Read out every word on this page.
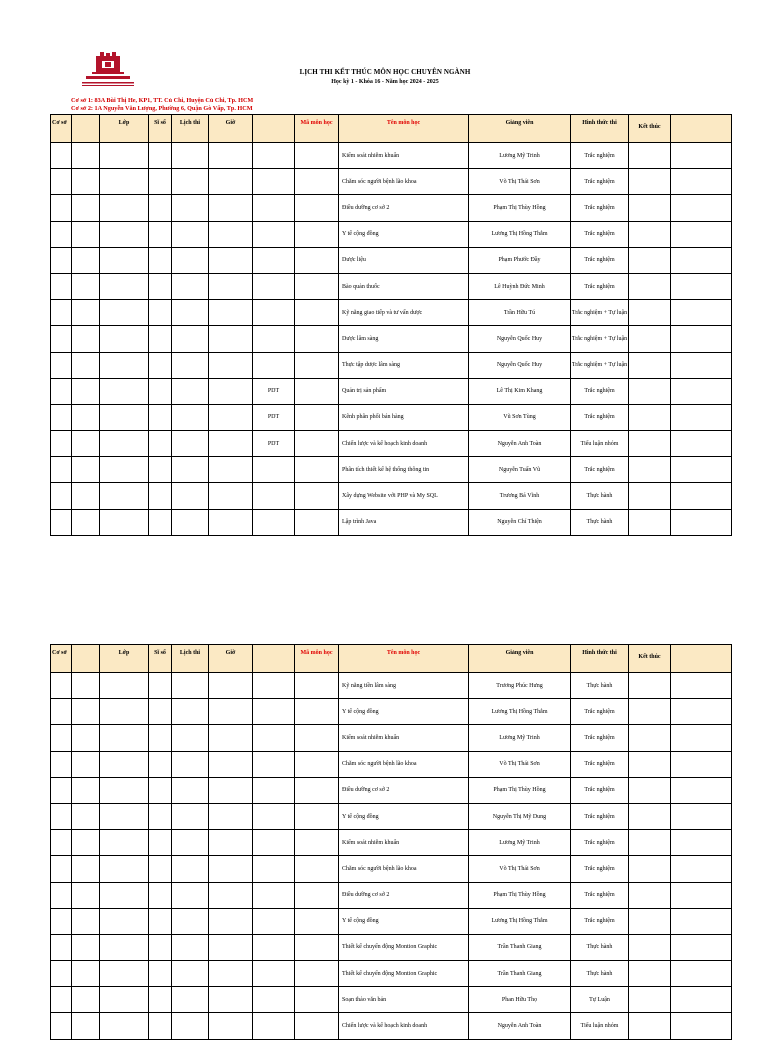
LỊCH THI KẾT THÚC MÔN HỌC CHUYÊN NGÀNH
Học kỳ 1 - Khóa 16 - Năm học 2024 - 2025
Cơ sở 1: 83A Bùi Thị He, KP1, TT. Củ Chi, Huyện Củ Chi, Tp. HCM
Cơ sở 2: 1A Nguyễn Văn Lượng, Phường 6, Quận Gò Vấp, Tp. HCM
Cơ sở		Lớp	Sĩ số	Lịch thi	Giờ		Mã môn học	Tên môn học	Giảng viên	Hình thức thi	Kết thúc	
								Kiểm soát nhiễm khuẩn	Lương Mỹ Trinh	Trắc nghiệm		
								Chăm sóc người bệnh lão khoa	Võ Thị Thái Sơn	Trắc nghiệm		
								Điều dưỡng cơ sở 2	Phạm Thị Thùy Hồng	Trắc nghiệm		
								Y tế cộng đồng	Lương Thị Hồng Thắm	Trắc nghiệm		
								Dược liệu	Phạm Phước Đầy	Trắc nghiệm		
								Bào quản thuốc	Lê Huỳnh Đức Minh	Trắc nghiệm		
								Kỹ năng giao tiếp và tư vấn dược	Trần Hữu Tú	Trắc nghiệm + Tự luận		
								Dược lâm sàng	Nguyễn Quốc Huy	Trắc nghiệm + Tự luận		
								Thực tập dược lâm sàng	Nguyễn Quốc Huy	Trắc nghiệm + Tự luận		
						PDT		Quản trị sản phẩm	Lê Thị Kim Khang	Trắc nghiệm		
						PDT		Kênh phân phối bán hàng	Vũ Sơn Tùng	Trắc nghiệm		
						PDT		Chiến lược và kế hoạch kinh doanh	Nguyễn Anh Toàn	Tiểu luận nhóm		
								Phân tích thiết kế hệ thống thông tin	Nguyễn Tuấn Vũ	Trắc nghiệm		
								Xây dựng Website với PHP và My SQL	Trương Bá Vĩnh	Thực hành		
								Lập trình Java	Nguyễn Chí Thiện	Thực hành		
Cơ sở		Lớp	Sĩ số	Lịch thi	Giờ		Mã môn học	Tên môn học	Giảng viên	Hình thức thi	Kết thúc	
								Kỹ năng tiền lâm sàng	Trương Phúc Hưng	Thực hành		
								Y tế cộng đồng	Lương Thị Hồng Thắm	Trắc nghiệm		
								Kiểm soát nhiễm khuẩn	Lương Mỹ Trinh	Trắc nghiệm		
								Chăm sóc người bệnh lão khoa	Võ Thị Thái Sơn	Trắc nghiệm		
								Điều dưỡng cơ sở 2	Phạm Thị Thùy Hồng	Trắc nghiệm		
								Y tế cộng đồng	Nguyễn Thị Mỹ Dung	Trắc nghiệm		
								Kiểm soát nhiễm khuẩn	Lương Mỹ Trinh	Trắc nghiệm		
								Chăm sóc người bệnh lão khoa	Võ Thị Thái Sơn	Trắc nghiệm		
								Điều dưỡng cơ sở 2	Phạm Thị Thùy Hồng	Trắc nghiệm		
								Y tế cộng đồng	Lương Thị Hồng Thắm	Trắc nghiệm		
								Thiết kế chuyển động Montion Graphic	Trần Thanh Giang	Thực hành		
								Thiết kế chuyển động Montion Graphic	Trần Thanh Giang	Thực hành		
								Soạn thảo văn bản	Phan Hữu Thọ	Tự Luận		
								Chiến lược và kế hoạch kinh doanh	Nguyễn Anh Toàn	Tiểu luận nhóm		
